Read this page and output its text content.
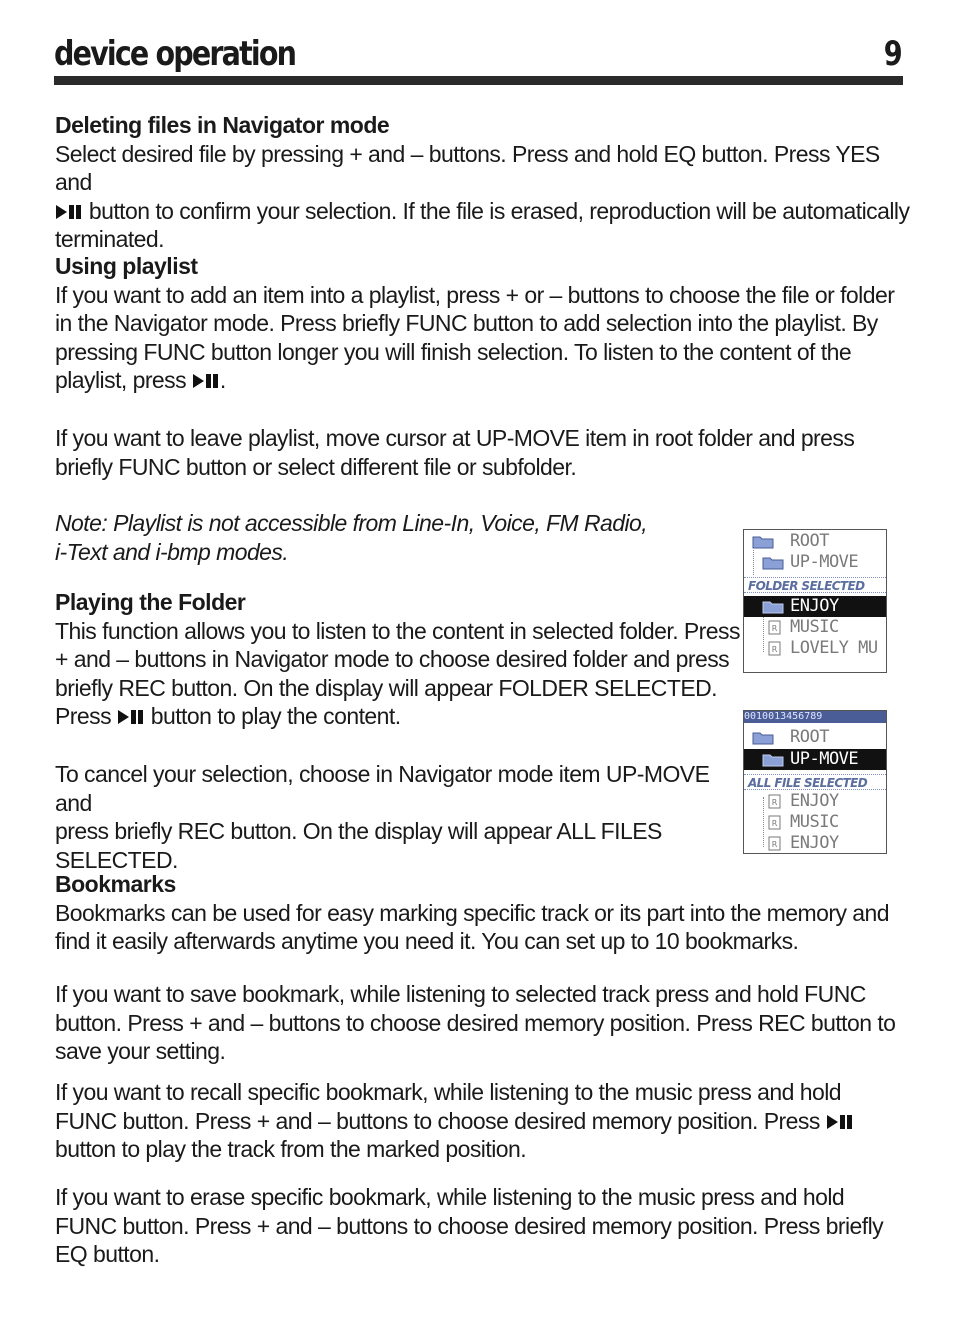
device operation	9

Deleting files in Navigator mode

Select desired file by pressing + and – buttons. Press and hold EQ button. Press YES and

button to confirm your selection. If the file is erased, reproduction will be automatically

terminated.

Using playlist

If you want to add an item into a playlist, press + or – buttons to choose the file or folder in the Navigator mode. Press briefly FUNC button to add selection into the playlist. By pressing FUNC button longer you will finish selection. To listen to the content of the playlist, press
.

If you want to leave playlist, move cursor at UP-MOVE item in root folder and press briefly FUNC button or select different file or subfolder.

Note: Playlist is not accessible from Line-In, Voice, FM Radio,

i-Text and i-bmp modes.

Playing the Folder

This function allows you to listen to the content in selected folder. Press

+ and – buttons in Navigator mode to choose desired folder and press

briefly REC button. On the display will appear FOLDER SELECTED.

Press
button to play the content.

To cancel your selection, choose in Navigator mode item UP-MOVE and

press briefly REC button. On the display will appear ALL FILES

SELECTED.

ROOT
UP-MOVE
FOLDER SELECTED
ENJOY
R MUSIC
R LOVELY MU
0010013456789
ROOT
UP-MOVE
ALL FILE SELECTED
R ENJOY
R MUSIC
R ENJOY

Bookmarks

Bookmarks can be used for easy marking specific track or its part into the memory and find it easily afterwards anytime you need it. You can set up to 10 bookmarks.

If you want to save bookmark, while listening to selected track press and hold FUNC button. Press + and – buttons to choose desired memory position. Press REC button to save your setting.

If you want to recall specific bookmark, while listening to the music press and hold FUNC button. Press + and – buttons to choose desired memory position. Press
button to play the track from the marked position.

If you want to erase specific bookmark, while listening to the music press and hold FUNC button. Press + and – buttons to choose desired memory position. Press briefly EQ button.
